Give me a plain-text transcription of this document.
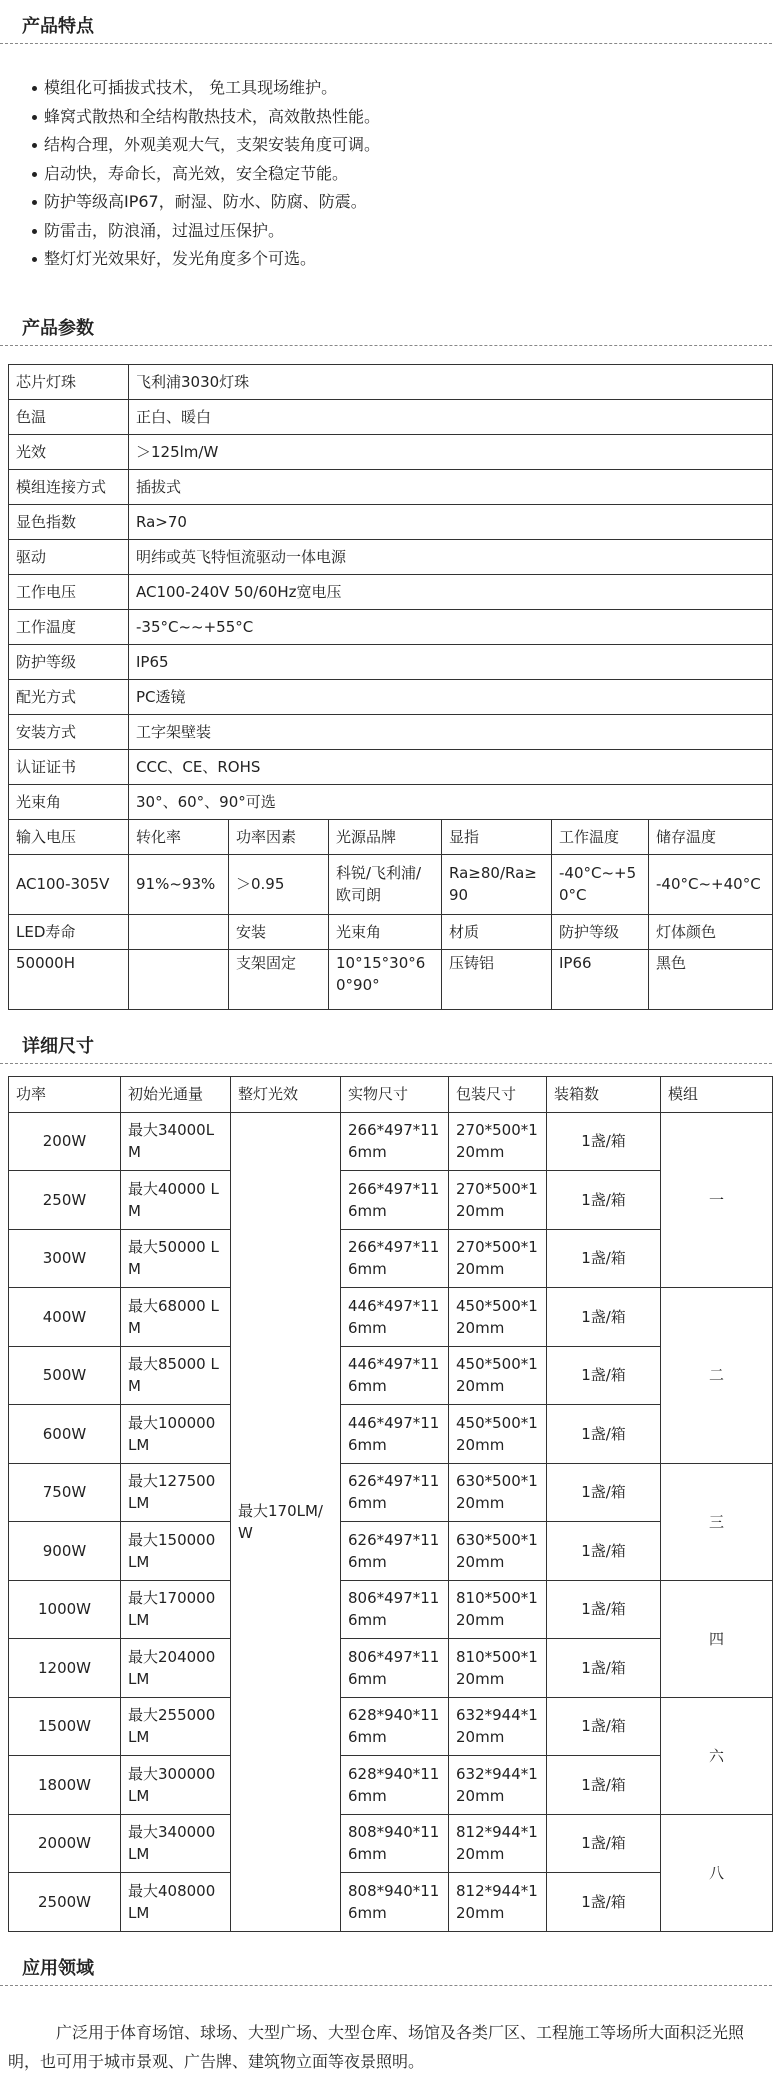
产品特点
模组化可插拔式技术， 免工具现场维护。
蜂窝式散热和全结构散热技术，高效散热性能。
结构合理，外观美观大气，支架安装角度可调。
启动快，寿命长，高光效，安全稳定节能。
防护等级高IP67，耐湿、防水、防腐、防震。
防雷击，防浪涌，过温过压保护。
整灯灯光效果好，发光角度多个可选。
产品参数
芯片灯珠	飞利浦3030灯珠					
色温	正白、暖白					
光效	＞125lm/W					
模组连接方式	插拔式					
显色指数	Ra>70					
驱动	明纬或英飞特恒流驱动一体电源					
工作电压	AC100-240V 50/60Hz宽电压					
工作温度	-35°C~~+55°C					
防护等级	IP65					
配光方式	PC透镜					
安装方式	工字架壁装					
认证证书	CCC、CE、ROHS					
光束角	30°、60°、90°可选					
输入电压	转化率	功率因素	光源品牌	显指	工作温度	储存温度
AC100-305V	91%~93%	＞0.95	科锐/飞利浦/欧司朗	Ra≥80/Ra≥90	-40°C~+50°C	-40°C~+40°C
LED寿命		安装	光束角	材质	防护等级	灯体颜色
50000H		支架固定	10°15°30°60°90°	压铸铝	IP66	黑色
详细尺寸
功率	初始光通量	整灯光效	实物尺寸	包装尺寸	装箱数	模组
200W	最大34000LM	最大170LM/W	266*497*116mm	270*500*120mm	1盏/箱	一
250W	最大40000 LM		266*497*116mm	270*500*120mm	1盏/箱	
300W	最大50000 LM		266*497*116mm	270*500*120mm	1盏/箱	
400W	最大68000 LM		446*497*116mm	450*500*120mm	1盏/箱	二
500W	最大85000 LM		446*497*116mm	450*500*120mm	1盏/箱	
600W	最大100000LM		446*497*116mm	450*500*120mm	1盏/箱	
750W	最大127500 LM		626*497*116mm	630*500*120mm	1盏/箱	三
900W	最大150000 LM		626*497*116mm	630*500*120mm	1盏/箱	
1000W	最大170000 LM		806*497*116mm	810*500*120mm	1盏/箱	四
1200W	最大204000 LM		806*497*116mm	810*500*120mm	1盏/箱	
1500W	最大255000 LM		628*940*116mm	632*944*120mm	1盏/箱	六
1800W	最大300000 LM		628*940*116mm	632*944*120mm	1盏/箱	
2000W	最大340000 LM		808*940*116mm	812*944*120mm	1盏/箱	八
2500W	最大408000 LM		808*940*116mm	812*944*120mm	1盏/箱	
应用领域

广泛用于体育场馆、球场、大型广场、大型仓库、场馆及各类厂区、工程施工等场所大面积泛光照明，也可用于城市景观、广告牌、建筑物立面等夜景照明。
